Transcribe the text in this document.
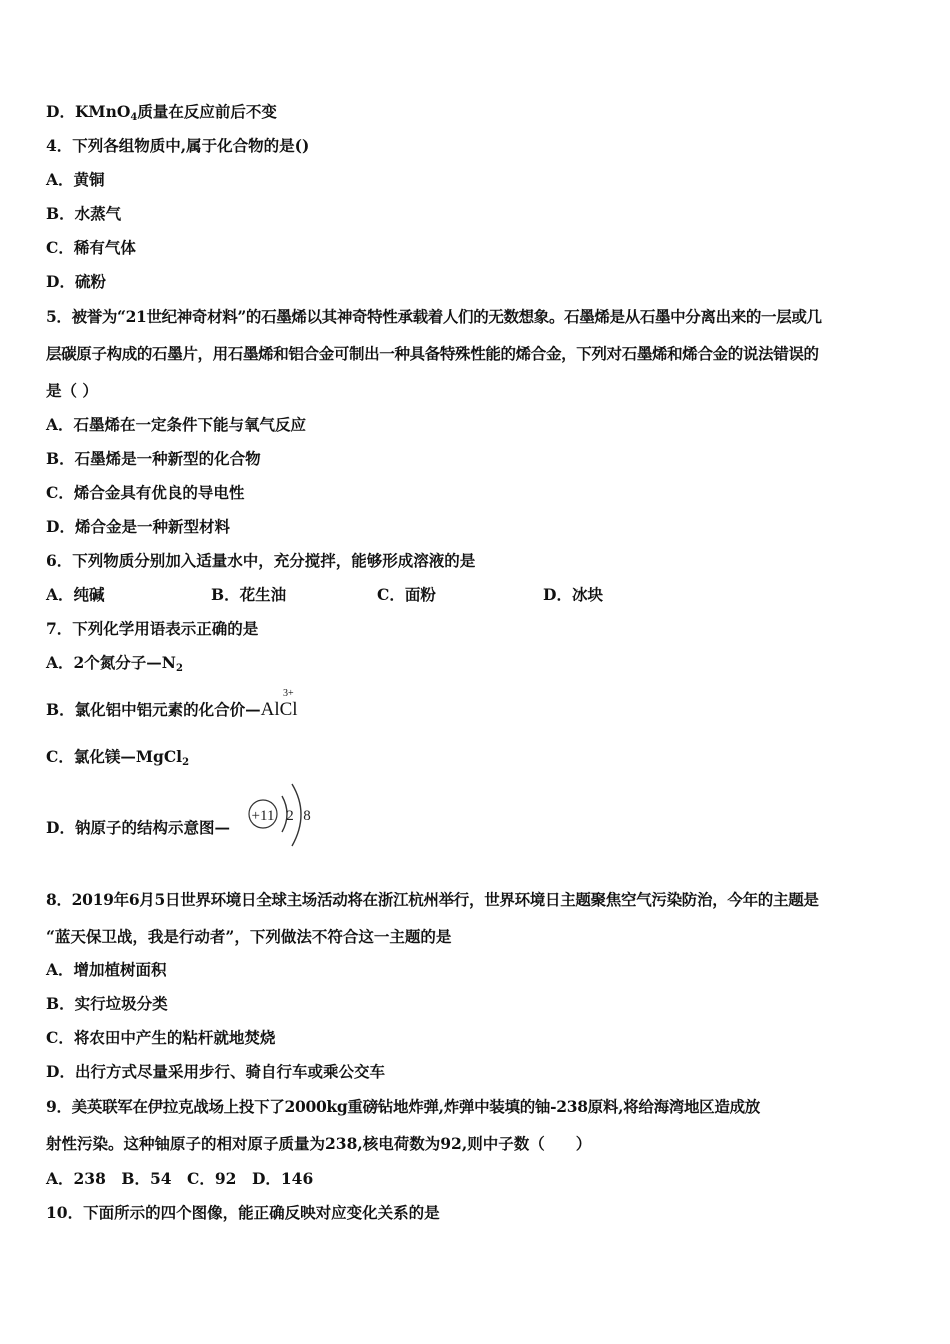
D．KMnO$_4$质量在反应前后不变
4．下列各组物质中,属于化合物的是()
A．黄铜
B．水蒸气
C．稀有气体
D．硫粉
5．被誉为“21世纪神奇材料”的石墨烯以其神奇特性承载着人们的无数想象。石墨烯是从石墨中分离出来的一层或几
层碳原子构成的石墨片，用石墨烯和铝合金可制出一种具备特殊性能的烯合金，下列对石墨烯和烯合金的说法错误的
是（ ）
A．石墨烯在一定条件下能与氧气反应
B．石墨烯是一种新型的化合物
C．烯合金具有优良的导电性
D．烯合金是一种新型材料
6．下列物质分别加入适量水中，充分搅拌，能够形成溶液的是
A．纯碱	B．花生油	C．面粉	D．冰块
7．下列化学用语表示正确的是
A．2个氮分子$—N_2$
B．氯化铝中铝元素的化合价—AlCl
3+
C．氯化镁—MgCl$_2$
D．钠原子的结构示意图—
+11 2 8
8．2019年6月5日世界环境日全球主场活动将在浙江杭州举行，世界环境日主题聚焦空气污染防治，今年的主题是
“蓝天保卫战，我是行动者”，下列做法不符合这一主题的是
A．增加植树面积
B．实行垃圾分类
C．将农田中产生的粘杆就地焚烧
D．出行方式尽量采用步行、骑自行车或乘公交车
9．美英联军在伊拉克战场上投下了2000kg重磅钻地炸弹,炸弹中装填的铀-238原料,将给海湾地区造成放
射性污染。这种铀原子的相对原子质量为238,核电荷数为92,则中子数（　　）
A．238　B．54　C．92　D．146
10．下面所示的四个图像，能正确反映对应变化关系的是
